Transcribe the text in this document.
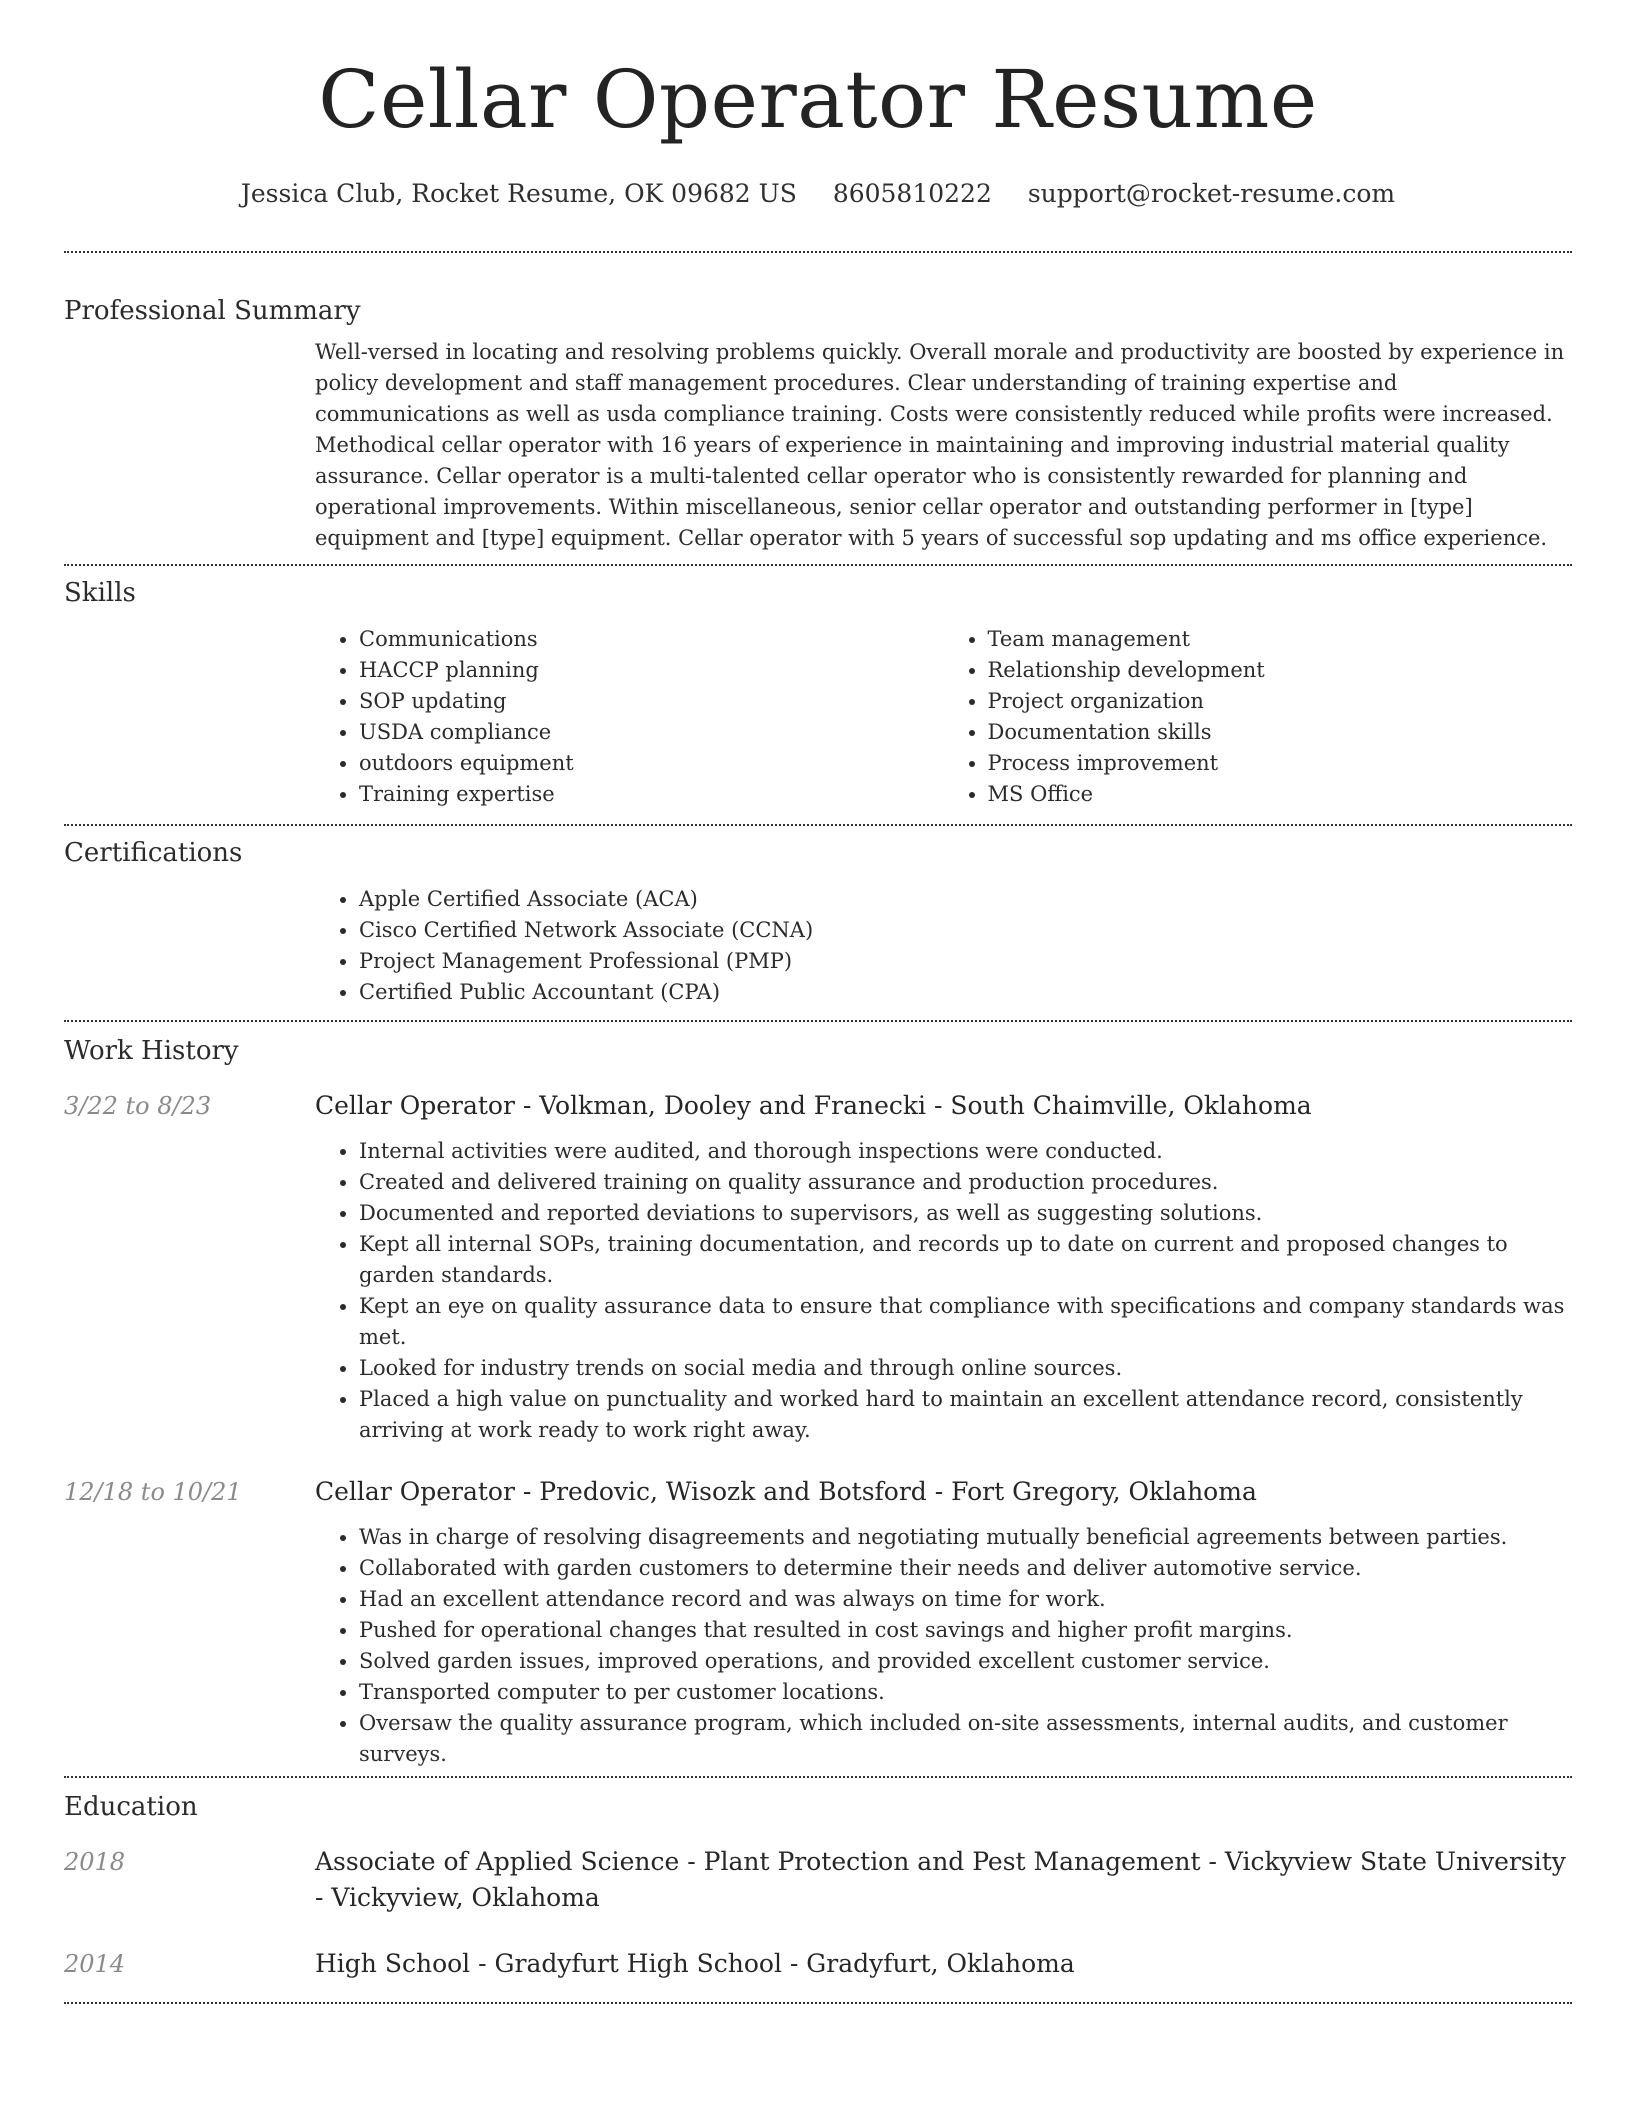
Cellar Operator Resume
Jessica Club, Rocket Resume, OK 09682 US 8605810222 support@rocket-resume.com
Professional Summary
Well-versed in locating and resolving problems quickly. Overall morale and productivity are boosted by experience in policy development and staff management procedures. Clear understanding of training expertise and communications as well as usda compliance training. Costs were consistently reduced while profits were increased. Methodical cellar operator with 16 years of experience in maintaining and improving industrial material quality assurance. Cellar operator is a multi-talented cellar operator who is consistently rewarded for planning and operational improvements. Within miscellaneous, senior cellar operator and outstanding performer in [type] equipment and [type] equipment. Cellar operator with 5 years of successful sop updating and ms office experience.
Skills
• Communications
• HACCP planning
• SOP updating
• USDA compliance
• outdoors equipment
• Training expertise
• Team management
• Relationship development
• Project organization
• Documentation skills
• Process improvement
• MS Office
Certifications
• Apple Certified Associate (ACA)
• Cisco Certified Network Associate (CCNA)
• Project Management Professional (PMP)
• Certified Public Accountant (CPA)
Work History
3/22 to 8/23	Cellar Operator - Volkman, Dooley and Franecki - South Chaimville, Oklahoma
• Internal activities were audited, and thorough inspections were conducted.
• Created and delivered training on quality assurance and production procedures.
• Documented and reported deviations to supervisors, as well as suggesting solutions.
• Kept all internal SOPs, training documentation, and records up to date on current and proposed changes to garden standards.
• Kept an eye on quality assurance data to ensure that compliance with specifications and company standards was met.
• Looked for industry trends on social media and through online sources.
• Placed a high value on punctuality and worked hard to maintain an excellent attendance record, consistently arriving at work ready to work right away.
12/18 to 10/21	Cellar Operator - Predovic, Wisozk and Botsford - Fort Gregory, Oklahoma
• Was in charge of resolving disagreements and negotiating mutually beneficial agreements between parties.
• Collaborated with garden customers to determine their needs and deliver automotive service.
• Had an excellent attendance record and was always on time for work.
• Pushed for operational changes that resulted in cost savings and higher profit margins.
• Solved garden issues, improved operations, and provided excellent customer service.
• Transported computer to per customer locations.
• Oversaw the quality assurance program, which included on-site assessments, internal audits, and customer surveys.
Education
2018	Associate of Applied Science - Plant Protection and Pest Management - Vickyview State University - Vickyview, Oklahoma
2014	High School - Gradyfurt High School - Gradyfurt, Oklahoma
